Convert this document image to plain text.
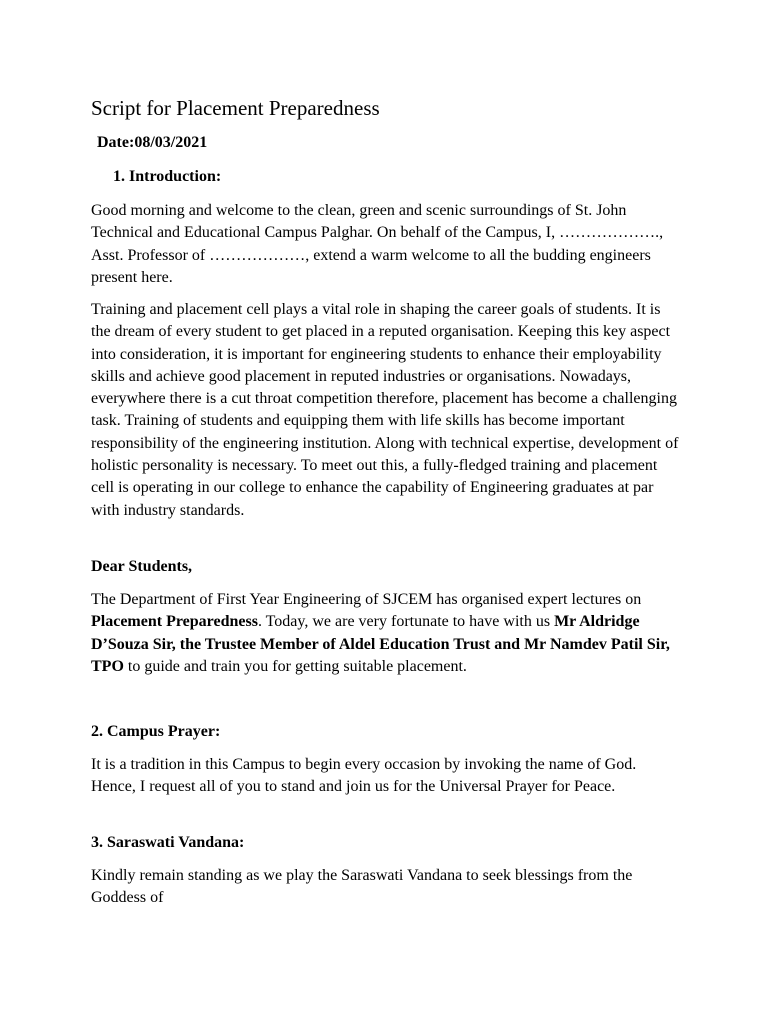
Script for Placement Preparedness
Date:08/03/2021
1. Introduction:

Good morning and welcome to the clean, green and scenic surroundings of St. John Technical and Educational Campus Palghar. On behalf of the Campus, I, ………………., Asst. Professor of ………………, extend a warm welcome to all the budding engineers present here.

Training and placement cell plays a vital role in shaping the career goals of students. It is the dream of every student to get placed in a reputed organisation. Keeping this key aspect into consideration, it is important for engineering students to enhance their employability skills and achieve good placement in reputed industries or organisations. Nowadays, everywhere there is a cut throat competition therefore, placement has become a challenging task. Training of students and equipping them with life skills has become important responsibility of the engineering institution. Along with technical expertise, development of holistic personality is necessary. To meet out this, a fully-fledged training and placement cell is operating in our college to enhance the capability of Engineering graduates at par with industry standards.

Dear Students,

The Department of First Year Engineering of SJCEM has organised expert lectures on Placement Preparedness. Today, we are very fortunate to have with us Mr Aldridge D’Souza Sir, the Trustee Member of Aldel Education Trust and Mr Namdev Patil Sir, TPO to guide and train you for getting suitable placement.

2. Campus Prayer:

It is a tradition in this Campus to begin every occasion by invoking the name of God. Hence, I request all of you to stand and join us for the Universal Prayer for Peace.

3. Saraswati Vandana:

Kindly remain standing as we play the Saraswati Vandana to seek blessings from the Goddess of
